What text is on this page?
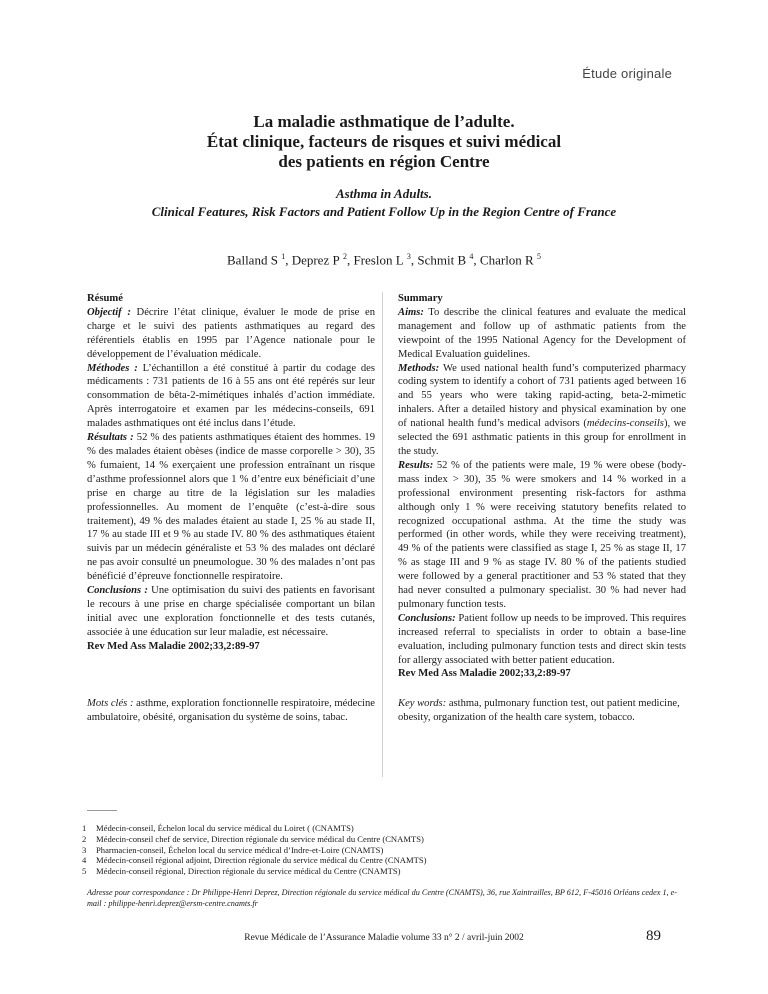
Étude originale
La maladie asthmatique de l’adulte.
État clinique, facteurs de risques et suivi médical
des patients en région Centre
Asthma in Adults.
Clinical Features, Risk Factors and Patient Follow Up in the Region Centre of France

Balland S $^1$, Deprez P $^2$, Freslon L $^3$, Schmit B $^4$, Charlon R $^5$

Résumé

Objectif : Décrire l’état clinique, évaluer le mode de prise en charge et le suivi des patients asthmatiques au regard des référentiels établis en 1995 par l’Agence nationale pour le développement de l’évaluation médicale.

Méthodes : L’échantillon a été constitué à partir du codage des médicaments : 731 patients de 16 à 55 ans ont été repérés sur leur consommation de bêta-2-mimétiques inhalés d’action immédiate. Après interrogatoire et examen par les médecins-conseils, 691 malades asthmatiques ont été inclus dans l’étude.

Résultats : 52 % des patients asthmatiques étaient des hommes. 19 % des malades étaient obèses (indice de masse corporelle > 30), 35 % fumaient, 14 % exerçaient une profession entraînant un risque d’asthme professionnel alors que 1 % d’entre eux bénéficiait d’une prise en charge au titre de la législation sur les maladies professionnelles. Au moment de l’enquête (c’est-à-dire sous traitement), 49 % des malades étaient au stade I, 25 % au stade II, 17 % au stade III et 9 % au stade IV. 80 % des asthmatiques étaient suivis par un médecin généraliste et 53 % des malades ont déclaré ne pas avoir consulté un pneumologue. 30 % des malades n’ont pas bénéficié d’épreuve fonctionnelle respiratoire.

Conclusions : Une optimisation du suivi des patients en favorisant le recours à une prise en charge spécialisée comportant un bilan initial avec une exploration fonctionnelle et des tests cutanés, associée à une éducation sur leur maladie, est nécessaire.

Rev Med Ass Maladie 2002;33,2:89-97

Summary

Aims: To describe the clinical features and evaluate the medical management and follow up of asthmatic patients from the viewpoint of the 1995 National Agency for the Development of Medical Evaluation guidelines.

Methods: We used national health fund’s computerized pharmacy coding system to identify a cohort of 731 patients aged between 16 and 55 years who were taking rapid-acting, beta-2-mimetic inhalers. After a detailed history and physical examination by one of national health fund’s medical advisors (médecins-conseils), we selected the 691 asthmatic patients in this group for enrollment in the study.

Results: 52 % of the patients were male, 19 % were obese (body-mass index > 30), 35 % were smokers and 14 % worked in a professional environment presenting risk-factors for asthma although only 1 % were receiving statutory benefits related to recognized occupational asthma. At the time the study was performed (in other words, while they were receiving treatment), 49 % of the patients were classified as stage I, 25 % as stage II, 17 % as stage III and 9 % as stage IV. 80 % of the patients studied were followed by a general practitioner and 53 % stated that they had never consulted a pulmonary specialist. 30 % had never had pulmonary function tests.

Conclusions: Patient follow up needs to be improved. This requires increased referral to specialists in order to obtain a base-line evaluation, including pulmonary function tests and direct skin tests for allergy associated with better patient education.

Rev Med Ass Maladie 2002;33,2:89-97

Mots clés : asthme, exploration fonctionnelle respiratoire, médecine ambulatoire, obésité, organisation du système de soins, tabac.
Key words: asthma, pulmonary function test, out patient medicine, obesity, organization of the health care system, tobacco.
1	Médecin-conseil, Échelon local du service médical du Loiret ( (CNAMTS)
2	Médecin-conseil chef de service, Direction régionale du service médical du Centre (CNAMTS)
3	Pharmacien-conseil, Échelon local du service médical d’Indre-et-Loire (CNAMTS)
4	Médecin-conseil régional adjoint, Direction régionale du service médical du Centre (CNAMTS)
5	Médecin-conseil régional, Direction régionale du service médical du Centre (CNAMTS)
Adresse pour correspondance : Dr Philippe-Henri Deprez, Direction régionale du service médical du Centre (CNAMTS), 36, rue Xaintrailles, BP 612, F-45016 Orléans cedex 1, e-mail : philippe-henri.deprez@ersm-centre.cnamts.fr
Revue Médicale de l’Assurance Maladie volume 33 n° 2 / avril-juin 2002	89
